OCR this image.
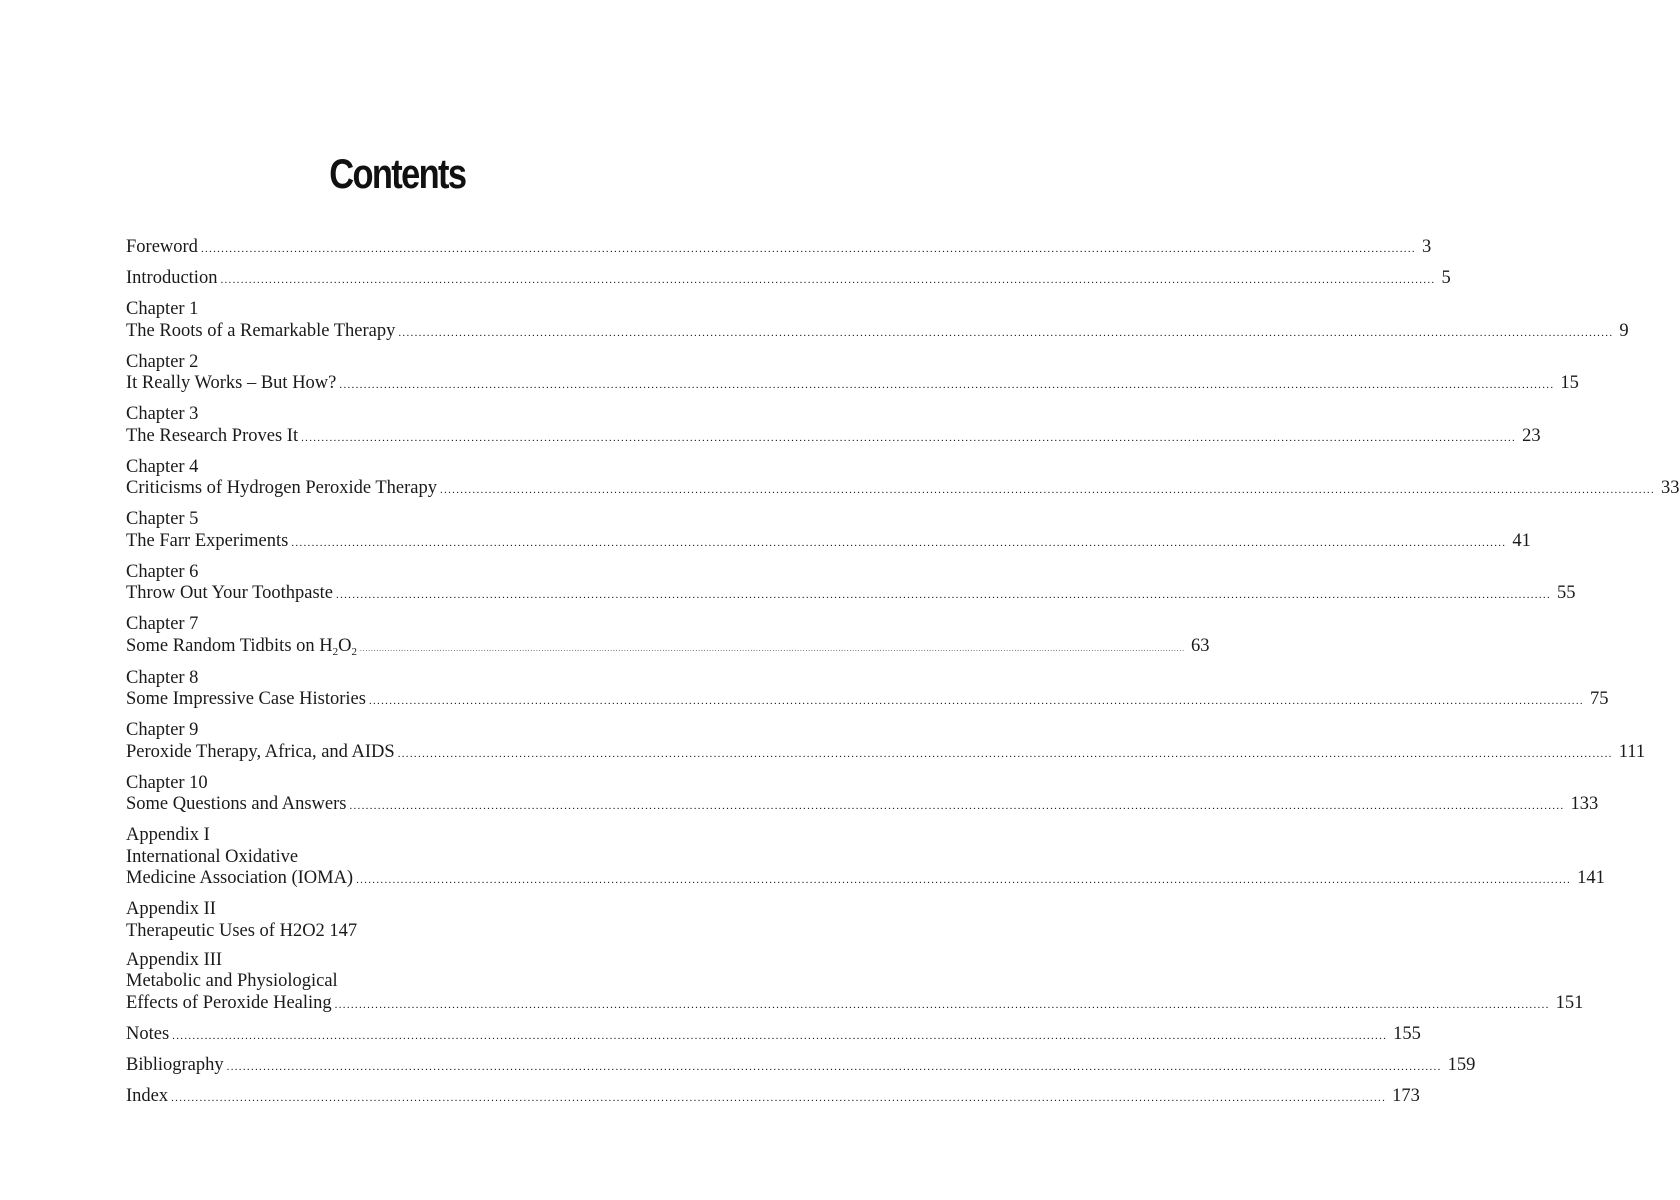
Contents
Foreword ............................................................................................................................................................................................................................................................................................................ 3
Introduction ............................................................................................................................................................................................................................................................................................................ 5
Chapter 1
The Roots of a Remarkable Therapy ............................................................................................................................................................................................................................................................................................................ 9
Chapter 2
It Really Works – But How? ............................................................................................................................................................................................................................................................................................................ 15
Chapter 3
The Research Proves It ............................................................................................................................................................................................................................................................................................................ 23
Chapter 4
Criticisms of Hydrogen Peroxide Therapy ............................................................................................................................................................................................................................................................................................................ 33
Chapter 5
The Farr Experiments ............................................................................................................................................................................................................................................................................................................ 41
Chapter 6
Throw Out Your Toothpaste ............................................................................................................................................................................................................................................................................................................ 55
Chapter 7
Some Random Tidbits on $H_2O_2$ ............................................................................................................................................................................................................................................................................................................ 63
Chapter 8
Some Impressive Case Histories ............................................................................................................................................................................................................................................................................................................ 75
Chapter 9
Peroxide Therapy, Africa, and AIDS ............................................................................................................................................................................................................................................................................................................ 111
Chapter 10
Some Questions and Answers ............................................................................................................................................................................................................................................................................................................ 133
Appendix I
International Oxidative
Medicine Association (IOMA) ............................................................................................................................................................................................................................................................................................................ 141
Appendix II
Therapeutic Uses of H2O2 147
Appendix III
Metabolic and Physiological
Effects of Peroxide Healing ............................................................................................................................................................................................................................................................................................................ 151
Notes ............................................................................................................................................................................................................................................................................................................ 155
Bibliography ............................................................................................................................................................................................................................................................................................................ 159
Index ............................................................................................................................................................................................................................................................................................................ 173
